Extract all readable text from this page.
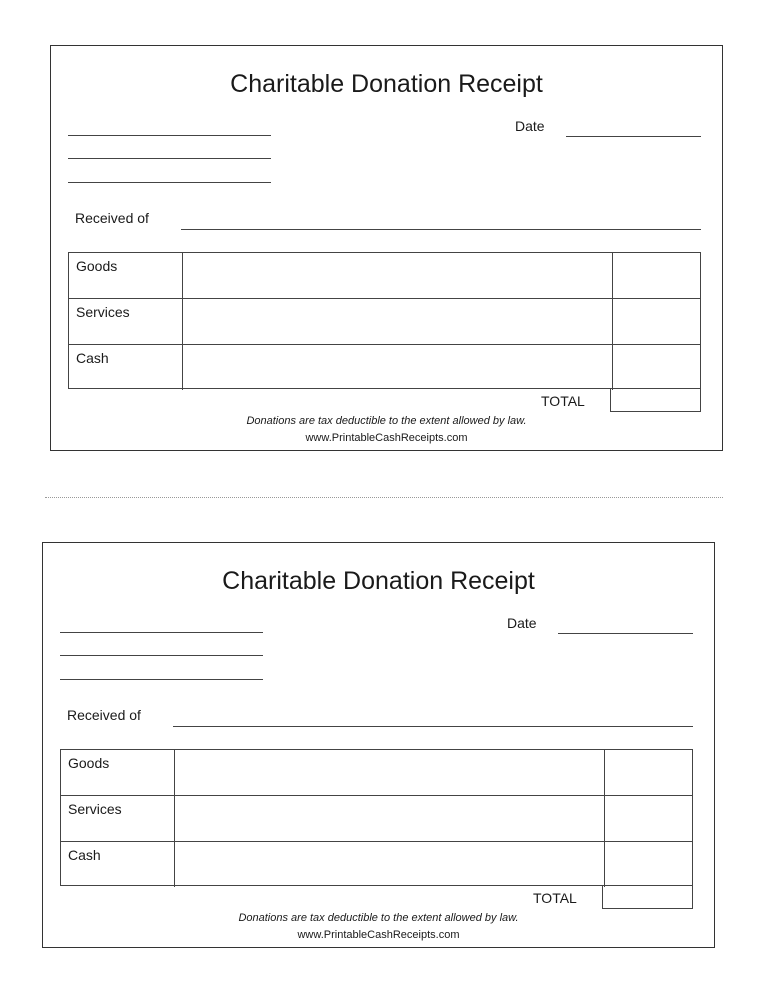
Charitable Donation Receipt
Date
Received of
Goods
Services
Cash
TOTAL
Donations are tax deductible to the extent allowed by law.
www.PrintableCashReceipts.com
Charitable Donation Receipt
Date
Received of
Goods
Services
Cash
TOTAL
Donations are tax deductible to the extent allowed by law.
www.PrintableCashReceipts.com
